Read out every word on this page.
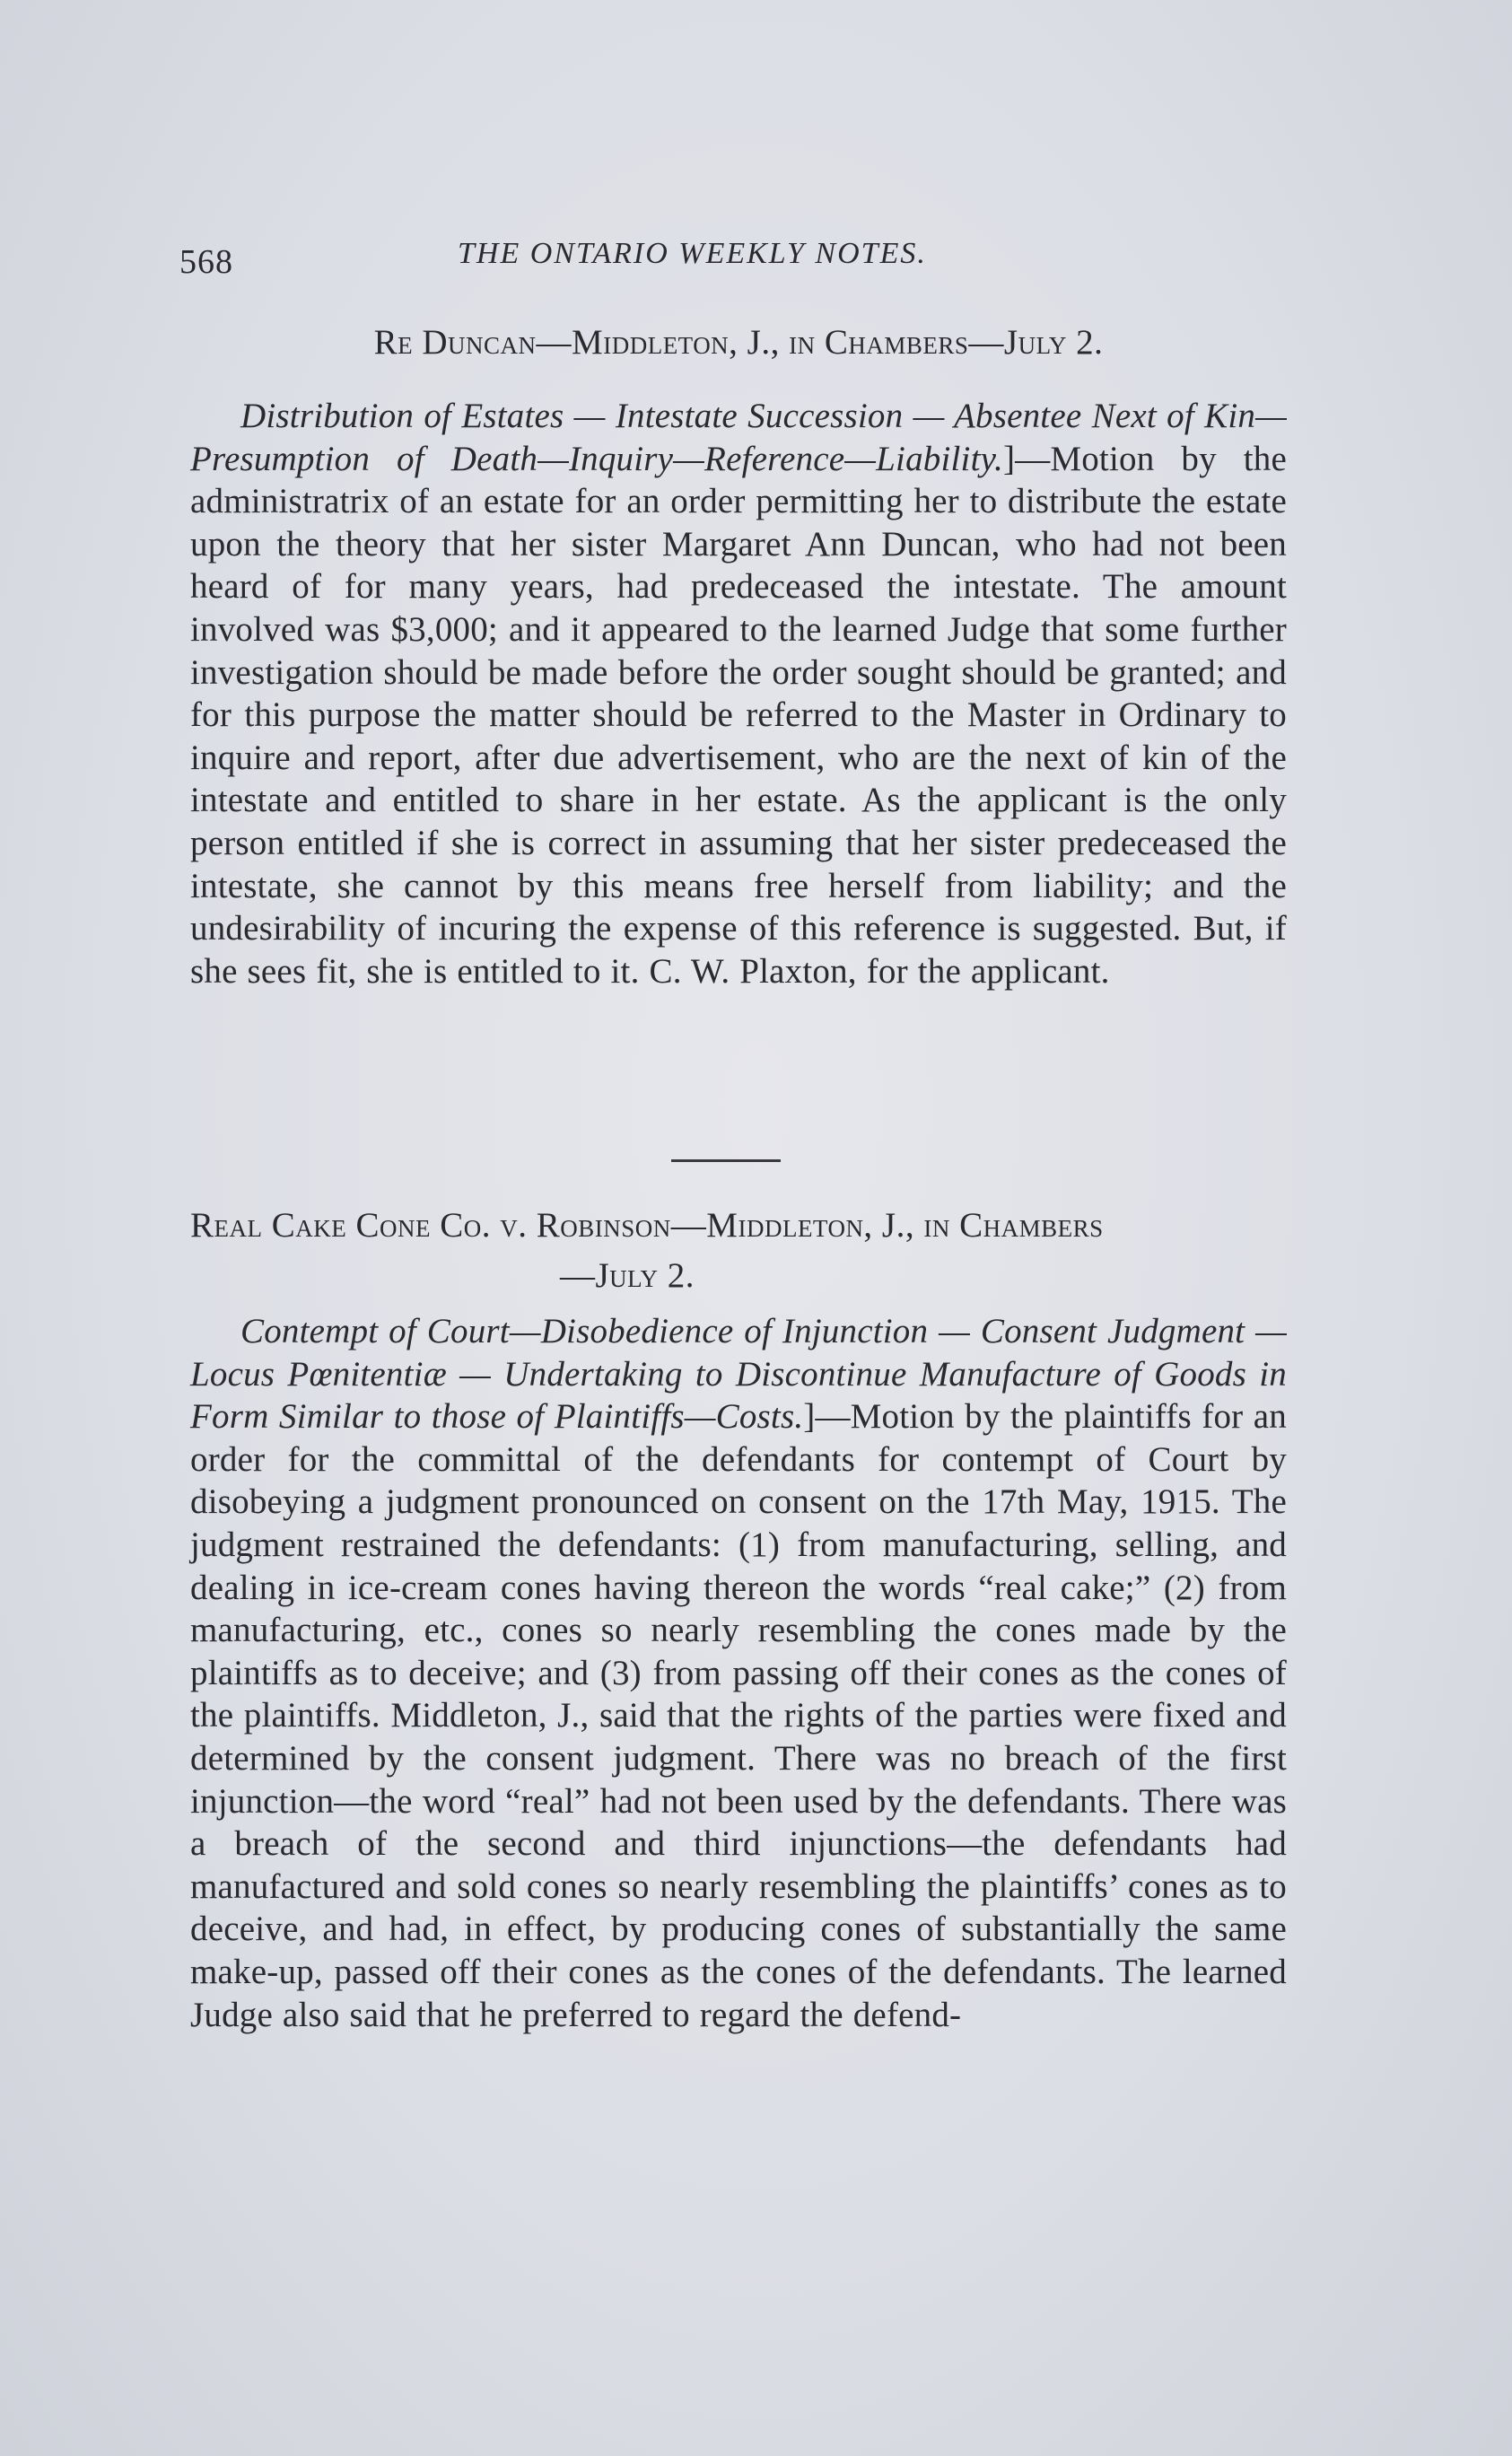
568	THE ONTARIO WEEKLY NOTES.

Re Duncan—Middleton, J., in Chambers—July 2.

Distribution of Estates — Intestate Succession — Absentee Next of Kin—Presumption of Death—Inquiry—Reference—Liability.]—Motion by the administratrix of an estate for an order permitting her to distribute the estate upon the theory that her sister Margaret Ann Duncan, who had not been heard of for many years, had predeceased the intestate. The amount involved was $3,000; and it appeared to the learned Judge that some further investigation should be made before the order sought should be granted; and for this purpose the matter should be referred to the Master in Ordinary to inquire and report, after due advertisement, who are the next of kin of the intestate and entitled to share in her estate. As the applicant is the only person entitled if she is correct in assuming that her sister predeceased the intestate, she cannot by this means free herself from liability; and the undesirability of incuring the expense of this reference is suggested. But, if she sees fit, she is entitled to it. C. W. Plaxton, for the applicant.

Real Cake Cone Co. v. Robinson—Middleton, J., in Chambers
—July 2.

Contempt of Court—Disobedience of Injunction — Consent Judgment — Locus Pœnitentiæ — Undertaking to Discontinue Manufacture of Goods in Form Similar to those of Plaintiffs—Costs.]—Motion by the plaintiffs for an order for the committal of the defendants for contempt of Court by disobeying a judgment pronounced on consent on the 17th May, 1915. The judgment restrained the defendants: (1) from manufacturing, selling, and dealing in ice-cream cones having thereon the words “real cake;” (2) from manufacturing, etc., cones so nearly resembling the cones made by the plaintiffs as to deceive; and (3) from passing off their cones as the cones of the plaintiffs. Middleton, J., said that the rights of the parties were fixed and determined by the consent judgment. There was no breach of the first injunction—the word “real” had not been used by the defendants. There was a breach of the second and third injunctions—the defendants had manufactured and sold cones so nearly resembling the plaintiffs’ cones as to deceive, and had, in effect, by producing cones of substantially the same make-up, passed off their cones as the cones of the defendants. The learned Judge also said that he preferred to regard the defend-
